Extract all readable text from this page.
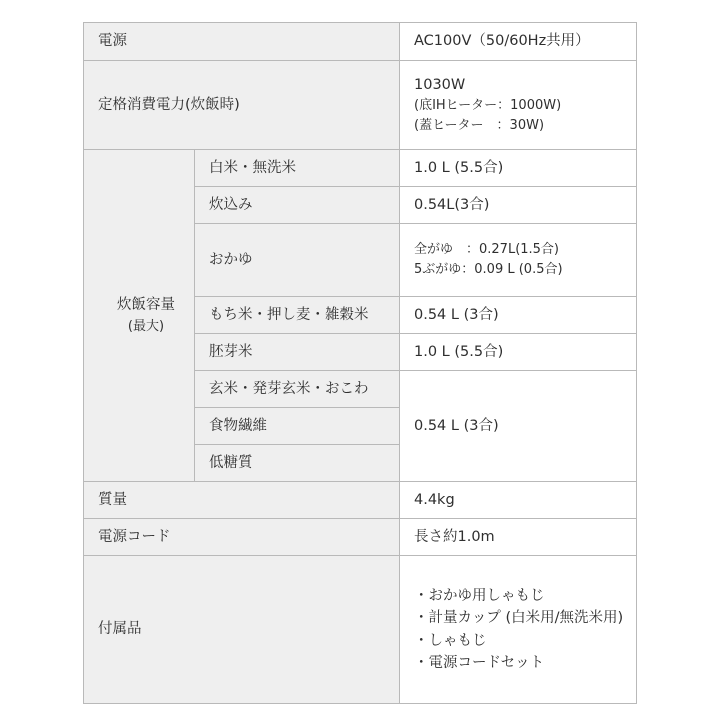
電源		AC100V（50/60Hz共用）
定格消費電力(炊飯時)		1030W
(底IHヒーター：1000W)
(蓋ヒーター　：30W)

炊飯容量
(最大)	白米・無洗米	1.0 L (5.5合)
	炊込み	0.54L(3合)
	おかゆ	全がゆ　：0.27L(1.5合)
5ぶがゆ：0.09 L (0.5合)

	もち米・押し麦・雑穀米	0.54 L (3合)
	胚芽米	1.0 L (5.5合)
	玄米・発芽玄米・おこわ	0.54 L (3合)
	食物繊維	
	低糖質	
質量		4.4kg
電源コード		長さ約1.0m
付属品		・おかゆ用しゃもじ
・計量カップ (白米用/無洗米用)
・しゃもじ
・電源コードセット
